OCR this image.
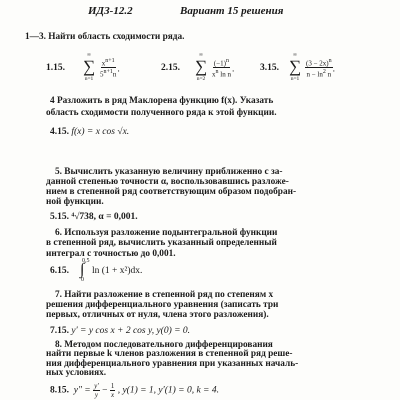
ИДЗ-12.2	Вариант 15 решения
1—3. Найти область сходимости ряда.
1.15.
∞
∑
n=1
$\frac{x^{n+1}}{5^{n+1}n}$ .	2.15.
∞
∑
n=2
$\frac{(-1)^n}{x^n \ln n}$ .	3.15.
∞
∑
n=1
$\frac{(3 - 2x)^n}{n - \ln^2 n}$ .
4 Разложить в ряд Маклорена функцию f(x). Указать
область сходимости полученного ряда к этой функции.
4.15. f(x) = x cos √x.
5. Вычислить указанную величину приближенно с за-
данной степенью точности α, воспользовавшись разложе-
нием в степенной ряд соответствующим образом подобран-
ной функции.
5.15. ⁴√738, α = 0,001.
6. Используя разложение подынтегральной функции
в степенной ряд, вычислить указанный определенный
интеграл с точностью до 0,001.
6.15.
0,5
∫
0
ln (1 + x²)dx.
7. Найти разложение в степенной ряд по степеням x
решения дифференциального уравнения (записать три
первых, отличных от нуля, члена этого разложения).
7.15. y′ = y cos x + 2 cos y, y(0) = 0.
8. Методом последовательного дифференцирования
найти первые k членов разложения в степенной ряд реше-
ния дифференциального уравнения при указанных началь-
ных условиях.
8.15. $y'' = \frac{y'}{y} - \frac{1}{x}$ , y(1) = 1, y′(1) = 0, k = 4.
